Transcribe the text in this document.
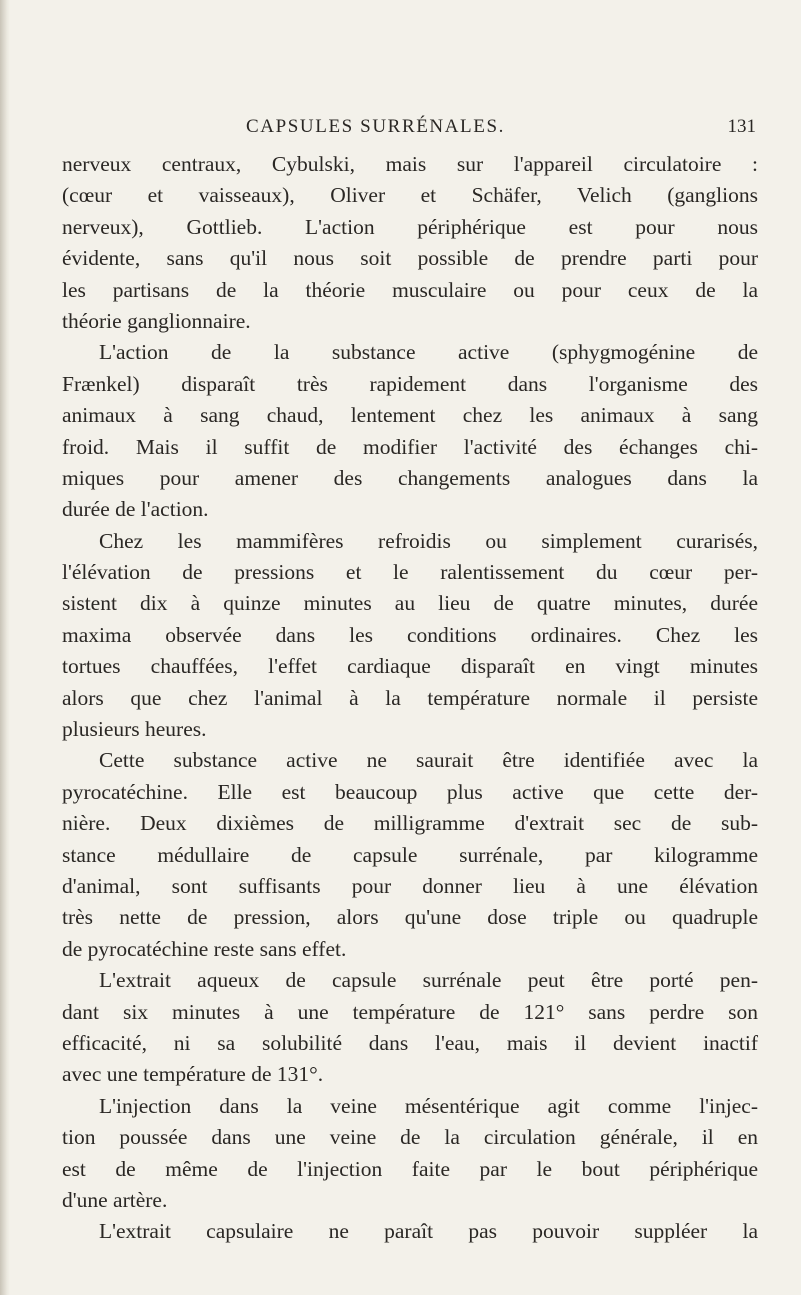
CAPSULES SURRÉNALES.	131
nerveux centraux, Cybulski, mais sur l'appareil circulatoire :
(cœur et vaisseaux), Oliver et Schäfer, Velich (ganglions
nerveux), Gottlieb. L'action périphérique est pour nous
évidente, sans qu'il nous soit possible de prendre parti pour
les partisans de la théorie musculaire ou pour ceux de la
théorie ganglionnaire.
L'action de la substance active (sphygmogénine de
Frænkel) disparaît très rapidement dans l'organisme des
animaux à sang chaud, lentement chez les animaux à sang
froid. Mais il suffit de modifier l'activité des échanges chi-
miques pour amener des changements analogues dans la
durée de l'action.
Chez les mammifères refroidis ou simplement curarisés,
l'élévation de pressions et le ralentissement du cœur per-
sistent dix à quinze minutes au lieu de quatre minutes, durée
maxima observée dans les conditions ordinaires. Chez les
tortues chauffées, l'effet cardiaque disparaît en vingt minutes
alors que chez l'animal à la température normale il persiste
plusieurs heures.
Cette substance active ne saurait être identifiée avec la
pyrocatéchine. Elle est beaucoup plus active que cette der-
nière. Deux dixièmes de milligramme d'extrait sec de sub-
stance médullaire de capsule surrénale, par kilogramme
d'animal, sont suffisants pour donner lieu à une élévation
très nette de pression, alors qu'une dose triple ou quadruple
de pyrocatéchine reste sans effet.
L'extrait aqueux de capsule surrénale peut être porté pen-
dant six minutes à une température de 121° sans perdre son
efficacité, ni sa solubilité dans l'eau, mais il devient inactif
avec une température de 131°.
L'injection dans la veine mésentérique agit comme l'injec-
tion poussée dans une veine de la circulation générale, il en
est de même de l'injection faite par le bout périphérique
d'une artère.
L'extrait capsulaire ne paraît pas pouvoir suppléer la
